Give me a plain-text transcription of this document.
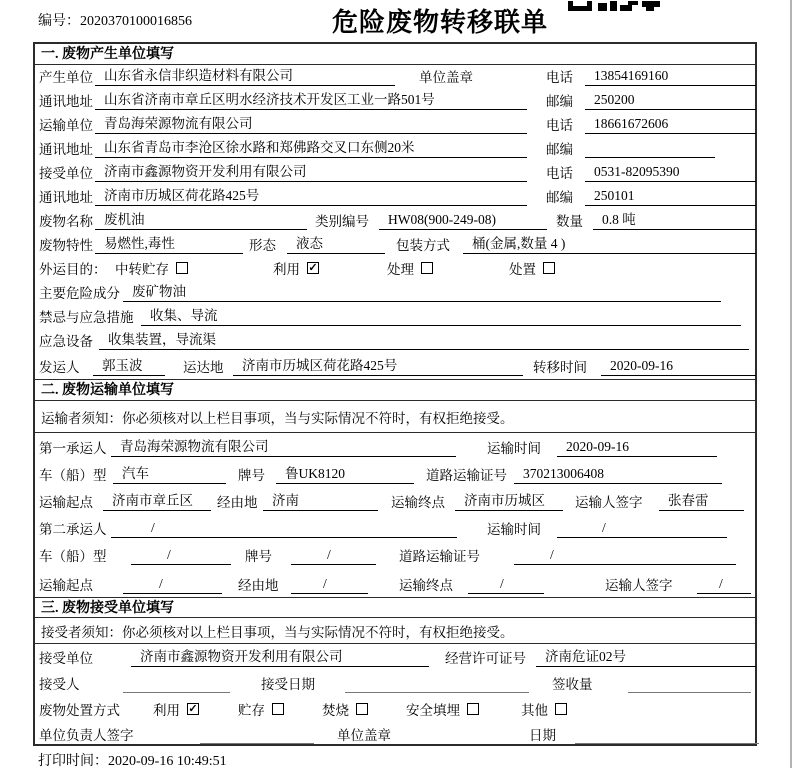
编号：2020370100016856	危险废物转移联单
一. 废物产生单位填写
产生单位 山东省永信非织造材料有限公司	单位盖章	电话	13854169160
通讯地址 山东省济南市章丘区明水经济技术开发区工业一路501号	邮编	250200
运输单位 青岛海荣源物流有限公司	电话	18661672606
通讯地址 山东省青岛市李沧区徐水路和郑佛路交叉口东侧20米	邮编
接受单位 济南市鑫源物资开发利用有限公司	电话	0531-82095390
通讯地址 济南市历城区荷花路425号	邮编	250101
废物名称 废机油	类别编号	HW08(900-249-08)	数量	0.8 吨
废物特性 易燃性,毒性	形态	液态	包装方式	桶(金属,数量 4 )
外运目的： 中转贮存	利用 ✓	处理	处置
主要危险成分 废矿物油
禁忌与应急措施	收集、导流
应急设备	收集装置，导流渠
发运人	郭玉波	运达地	济南市历城区荷花路425号	转移时间	2020-09-16
二. 废物运输单位填写
运输者须知：你必须核对以上栏目事项，当与实际情况不符时，有权拒绝接受。
第一承运人	青岛海荣源物流有限公司	运输时间	2020-09-16
车（船）型	汽车	牌号	鲁UK8120	道路运输证号	370213006408
运输起点	济南市章丘区	经由地	济南	运输终点	济南市历城区	运输人签字	张春雷
第二承运人	/	运输时间	/
车（船）型	/	牌号	/	道路运输证号	/
运输起点	/	经由地	/	运输终点	/	运输人签字	/
三. 废物接受单位填写
接受者须知：你必须核对以上栏目事项，当与实际情况不符时，有权拒绝接受。
接受单位	济南市鑫源物资开发利用有限公司	经营许可证号	济南危证02号
接受人	接受日期	签收量
废物处置方式 利用 ✓	贮存	焚烧	安全填埋	其他
单位负责人签字	单位盖章	日期
打印时间：2020-09-16 10:49:51
